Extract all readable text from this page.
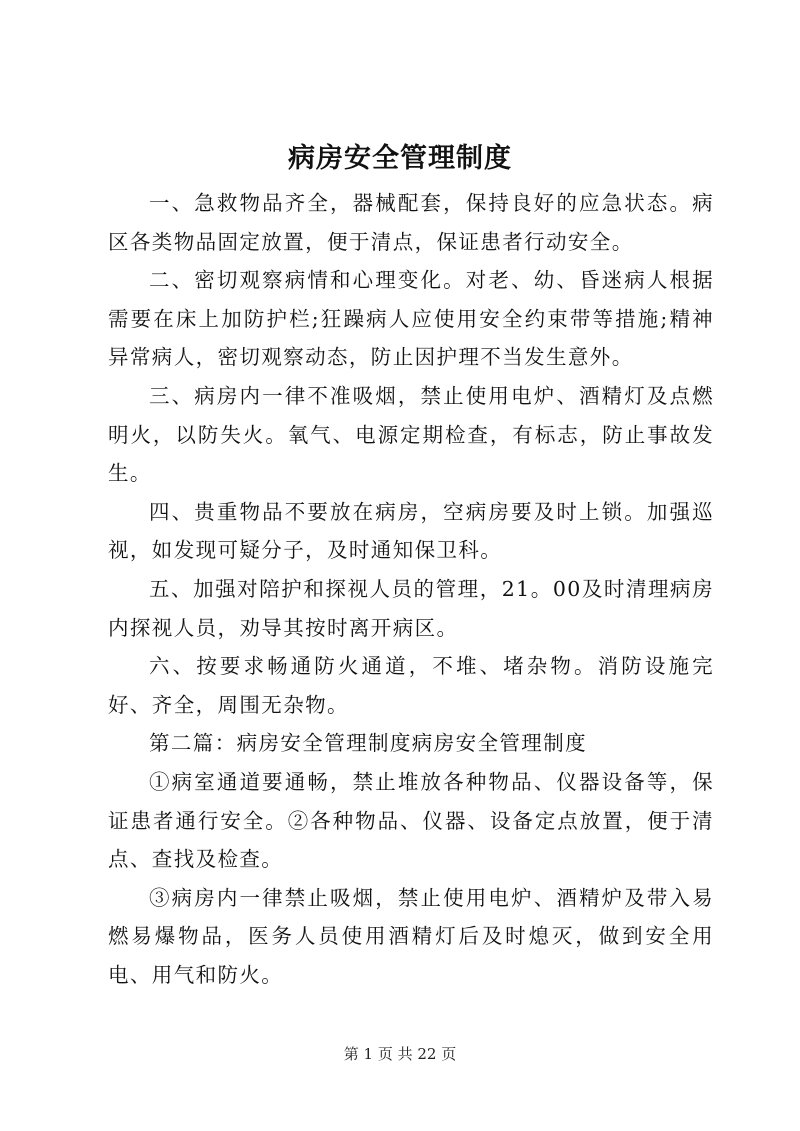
病房安全管理制度

一、急救物品齐全，器械配套，保持良好的应急状态。病区各类物品固定放置，便于清点，保证患者行动安全。

二、密切观察病情和心理变化。对老、幼、昏迷病人根据需要在床上加防护栏;狂躁病人应使用安全约束带等措施;精神异常病人，密切观察动态，防止因护理不当发生意外。

三、病房内一律不准吸烟，禁止使用电炉、酒精灯及点燃明火，以防失火。氧气、电源定期检查，有标志，防止事故发生。

四、贵重物品不要放在病房，空病房要及时上锁。加强巡视，如发现可疑分子，及时通知保卫科。

五、加强对陪护和探视人员的管理，21。00及时清理病房内探视人员，劝导其按时离开病区。

六、按要求畅通防火通道，不堆、堵杂物。消防设施完好、齐全，周围无杂物。

第二篇：病房安全管理制度病房安全管理制度

①病室通道要通畅，禁止堆放各种物品、仪器设备等，保证患者通行安全。②各种物品、仪器、设备定点放置，便于清点、查找及检查。

③病房内一律禁止吸烟，禁止使用电炉、酒精炉及带入易燃易爆物品，医务人员使用酒精灯后及时熄灭，做到安全用电、用气和防火。

第 1 页 共 22 页
